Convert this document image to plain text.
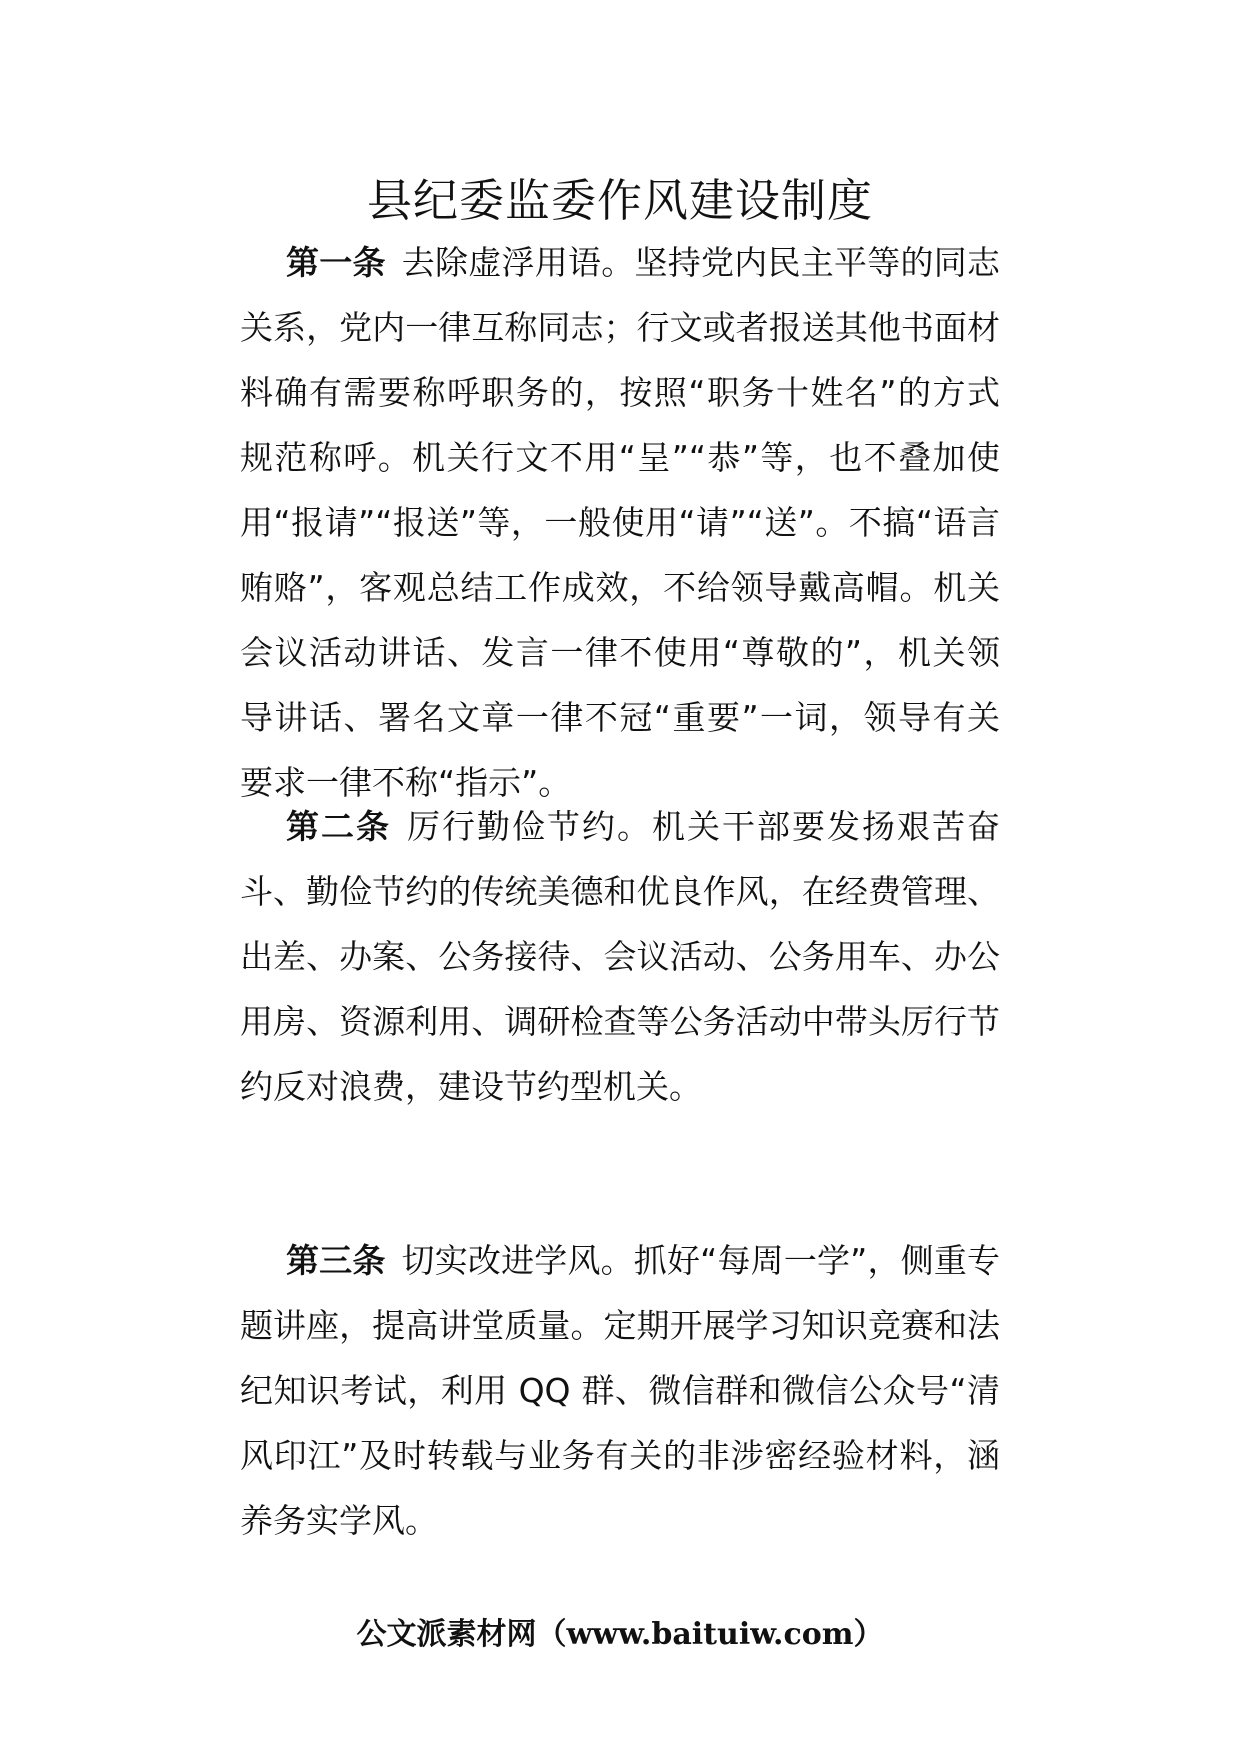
县纪委监委作风建设制度

第一条 去除虚浮用语。坚持党内民主平等的同志关系，党内一律互称同志；行文或者报送其他书面材料确有需要称呼职务的，按照“职务十姓名”的方式规范称呼。机关行文不用“呈”“恭”等，也不叠加使用“报请”“报送”等，一般使用“请”“送”。不搞“语言贿赂”，客观总结工作成效，不给领导戴高帽。机关会议活动讲话、发言一律不使用“尊敬的”，机关领导讲话、署名文章一律不冠“重要”一词，领导有关要求一律不称“指示”。

第二条 厉行勤俭节约。机关干部要发扬艰苦奋斗、勤俭节约的传统美德和优良作风，在经费管理、出差、办案、公务接待、会议活动、公务用车、办公用房、资源利用、调研检查等公务活动中带头厉行节约反对浪费，建设节约型机关。

第三条 切实改进学风。抓好“每周一学”，侧重专题讲座，提高讲堂质量。定期开展学习知识竞赛和法纪知识考试，利用 QQ 群、微信群和微信公众号“清风印江”及时转载与业务有关的非涉密经验材料，涵养务实学风。

公文派素材网（www.baituiw.com）
